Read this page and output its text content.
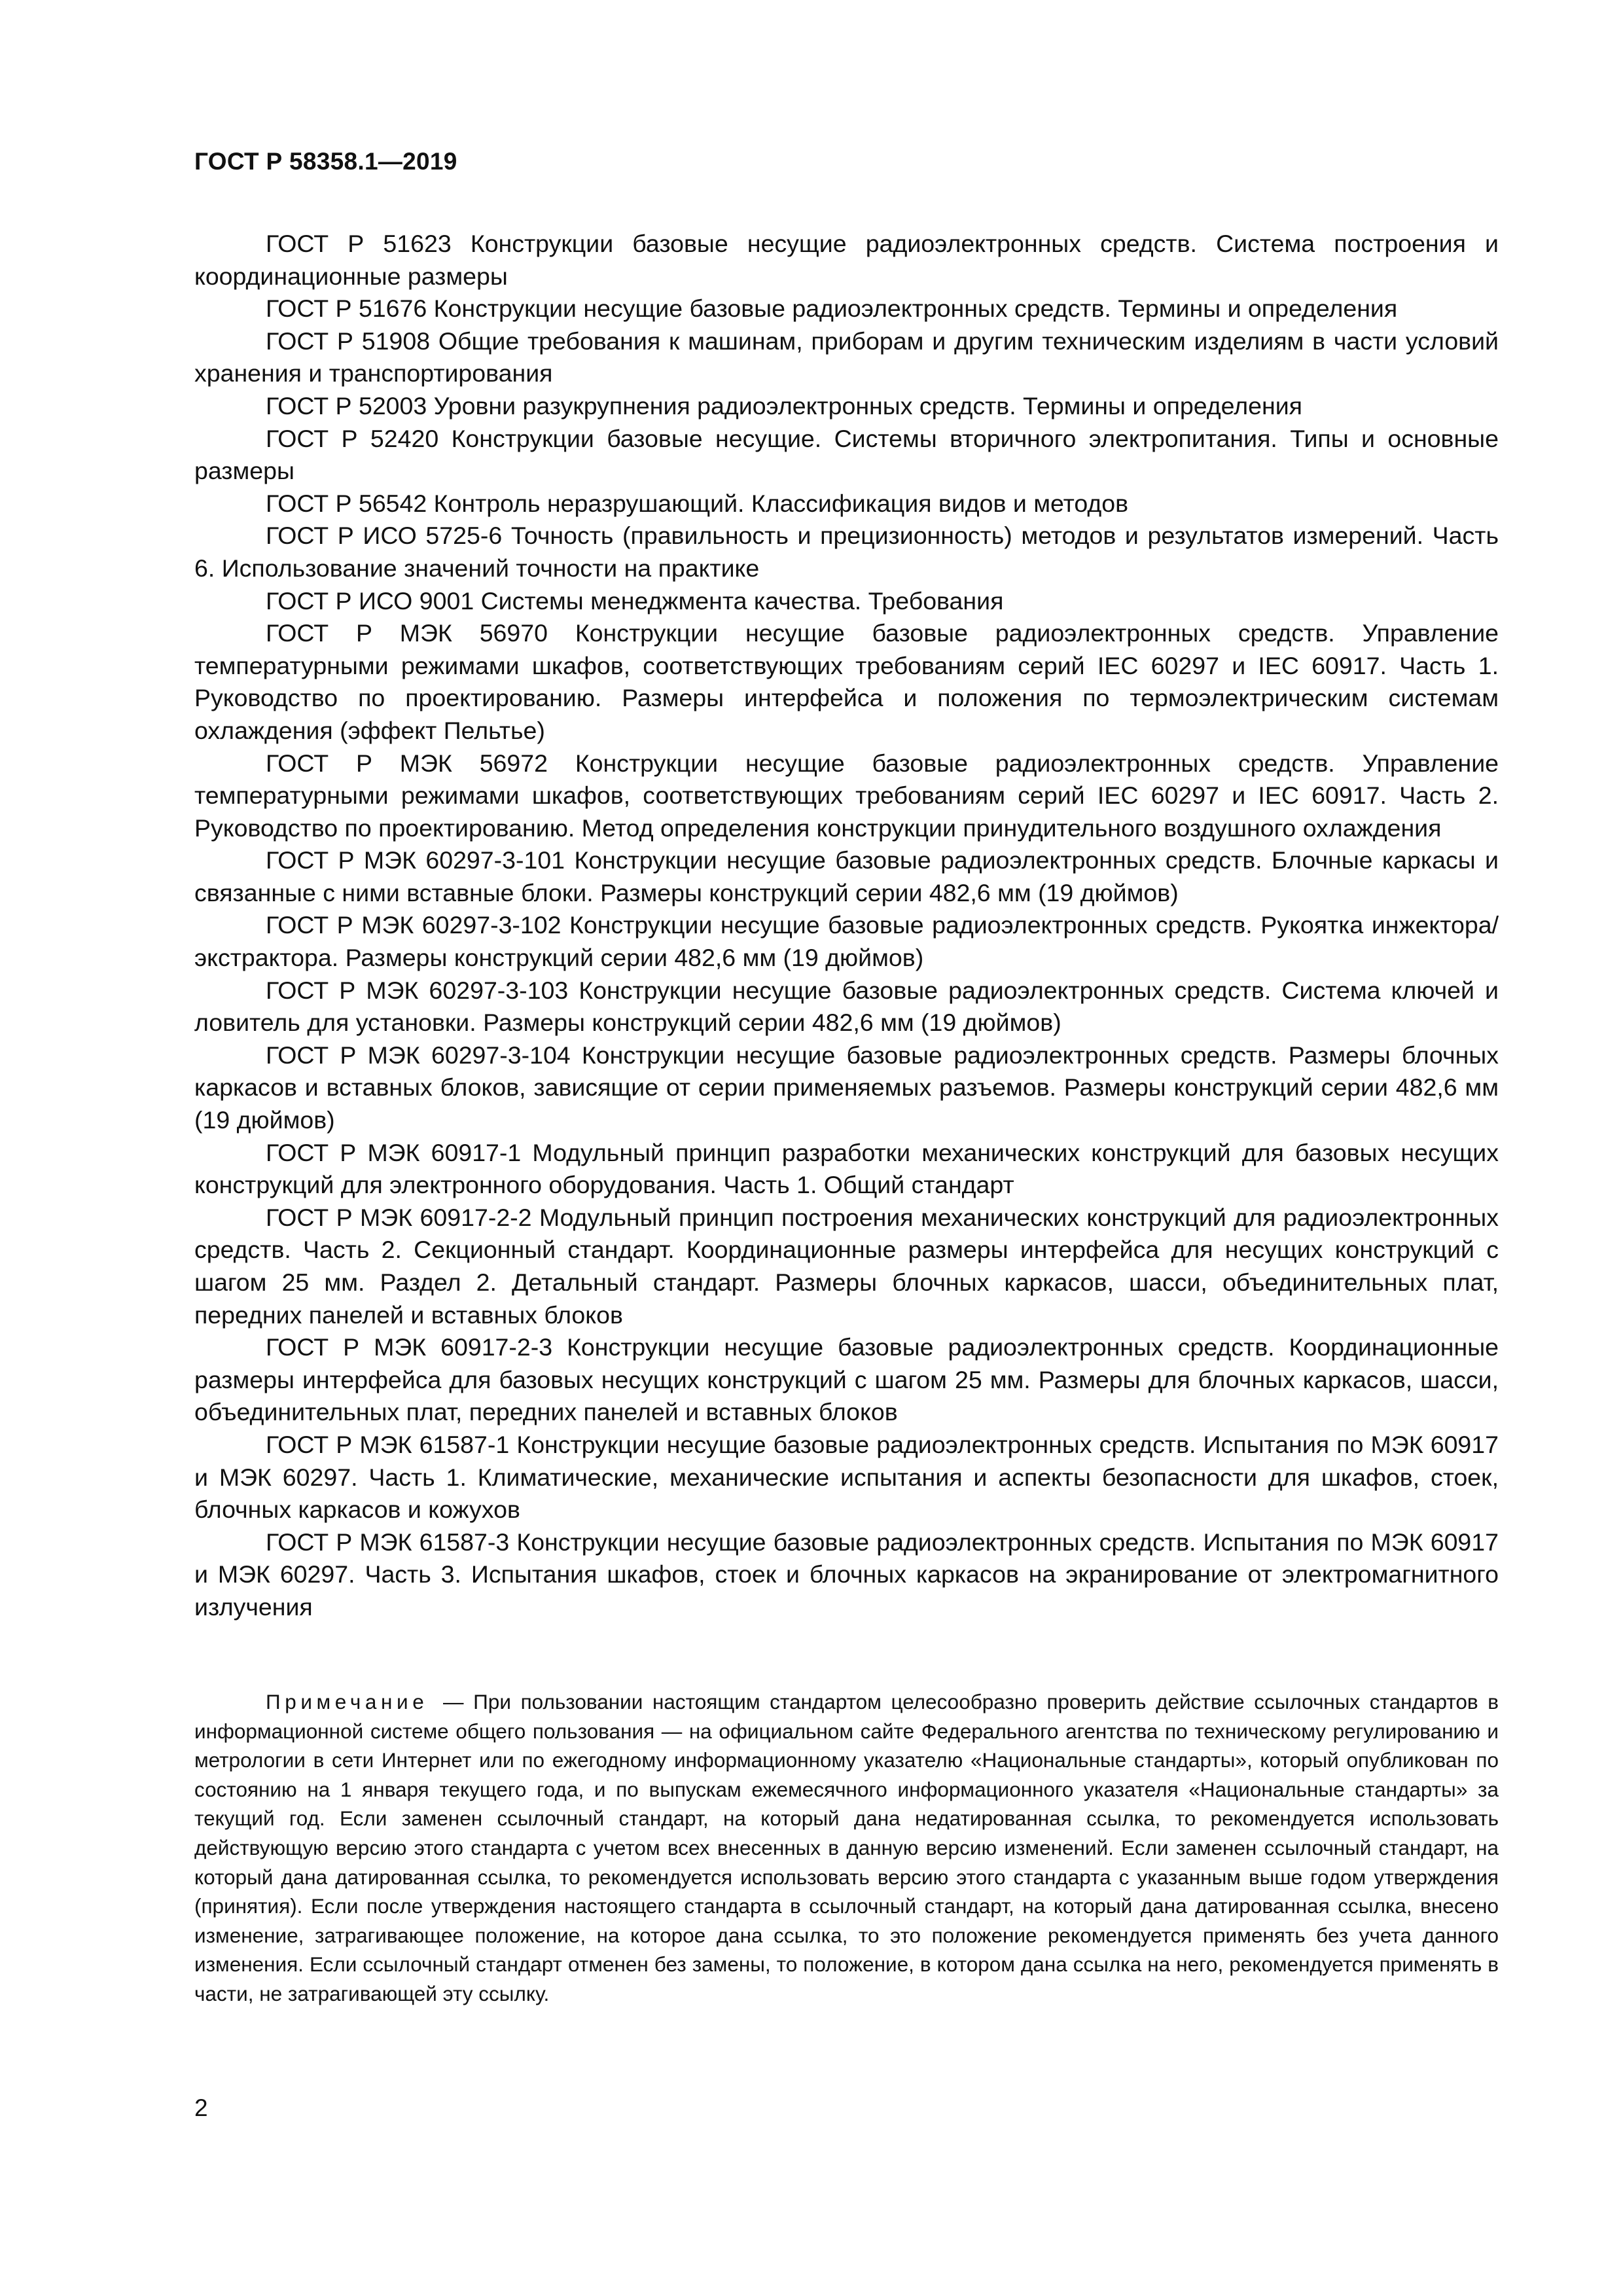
ГОСТ Р 58358.1—2019
ГОСТ Р 51623 Конструкции базовые несущие радиоэлектронных средств. Система построения и координационные размеры
ГОСТ Р 51676 Конструкции несущие базовые радиоэлектронных средств. Термины и определения
ГОСТ Р 51908 Общие требования к машинам, приборам и другим техническим изделиям в части условий хранения и транспортирования
ГОСТ Р 52003 Уровни разукрупнения радиоэлектронных средств. Термины и определения
ГОСТ Р 52420 Конструкции базовые несущие. Системы вторичного электропитания. Типы и основные размеры
ГОСТ Р 56542 Контроль неразрушающий. Классификация видов и методов
ГОСТ Р ИСО 5725-6 Точность (правильность и прецизионность) методов и результатов измерений. Часть 6. Использование значений точности на практике
ГОСТ Р ИСО 9001 Системы менеджмента качества. Требования
ГОСТ Р МЭК 56970 Конструкции несущие базовые радиоэлектронных средств. Управление температурными режимами шкафов, соответствующих требованиям серий IEC 60297 и IEC 60917. Часть 1. Руководство по проектированию. Размеры интерфейса и положения по термоэлектрическим системам охлаждения (эффект Пельтье)
ГОСТ Р МЭК 56972 Конструкции несущие базовые радиоэлектронных средств. Управление температурными режимами шкафов, соответствующих требованиям серий IEC 60297 и IEC 60917. Часть 2. Руководство по проектированию. Метод определения конструкции принудительного воздушного охлаждения
ГОСТ Р МЭК 60297-3-101 Конструкции несущие базовые радиоэлектронных средств. Блочные каркасы и связанные с ними вставные блоки. Размеры конструкций серии 482,6 мм (19 дюймов)
ГОСТ Р МЭК 60297-3-102 Конструкции несущие базовые радиоэлектронных средств. Рукоятка инжектора/экстрактора. Размеры конструкций серии 482,6 мм (19 дюймов)
ГОСТ Р МЭК 60297-3-103 Конструкции несущие базовые радиоэлектронных средств. Система ключей и ловитель для установки. Размеры конструкций серии 482,6 мм (19 дюймов)
ГОСТ Р МЭК 60297-3-104 Конструкции несущие базовые радиоэлектронных средств. Размеры блочных каркасов и вставных блоков, зависящие от серии применяемых разъемов. Размеры конструкций серии 482,6 мм (19 дюймов)
ГОСТ Р МЭК 60917-1 Модульный принцип разработки механических конструкций для базовых несущих конструкций для электронного оборудования. Часть 1. Общий стандарт
ГОСТ Р МЭК 60917-2-2 Модульный принцип построения механических конструкций для радиоэлектронных средств. Часть 2. Секционный стандарт. Координационные размеры интерфейса для несущих конструкций с шагом 25 мм. Раздел 2. Детальный стандарт. Размеры блочных каркасов, шасси, объединительных плат, передних панелей и вставных блоков
ГОСТ Р МЭК 60917-2-3 Конструкции несущие базовые радиоэлектронных средств. Координационные размеры интерфейса для базовых несущих конструкций с шагом 25 мм. Размеры для блочных каркасов, шасси, объединительных плат, передних панелей и вставных блоков
ГОСТ Р МЭК 61587-1 Конструкции несущие базовые радиоэлектронных средств. Испытания по МЭК 60917 и МЭК 60297. Часть 1. Климатические, механические испытания и аспекты безопасности для шкафов, стоек, блочных каркасов и кожухов
ГОСТ Р МЭК 61587-3 Конструкции несущие базовые радиоэлектронных средств. Испытания по МЭК 60917 и МЭК 60297. Часть 3. Испытания шкафов, стоек и блочных каркасов на экранирование от электромагнитного излучения

Примечание — При пользовании настоящим стандартом целесообразно проверить действие ссылочных стандартов в информационной системе общего пользования — на официальном сайте Федерального агентства по техническому регулированию и метрологии в сети Интернет или по ежегодному информационному указателю «Национальные стандарты», который опубликован по состоянию на 1 января текущего года, и по выпускам ежемесячного информационного указателя «Национальные стандарты» за текущий год. Если заменен ссылочный стандарт, на который дана недатированная ссылка, то рекомендуется использовать действующую версию этого стандарта с учетом всех внесенных в данную версию изменений. Если заменен ссылочный стандарт, на который дана датированная ссылка, то рекомендуется использовать версию этого стандарта с указанным выше годом утверждения (принятия). Если после утверждения настоящего стандарта в ссылочный стандарт, на который дана датированная ссылка, внесено изменение, затрагивающее положение, на которое дана ссылка, то это положение рекомендуется применять без учета данного изменения. Если ссылочный стандарт отменен без замены, то положение, в котором дана ссылка на него, рекомендуется применять в части, не затрагивающей эту ссылку.

2
